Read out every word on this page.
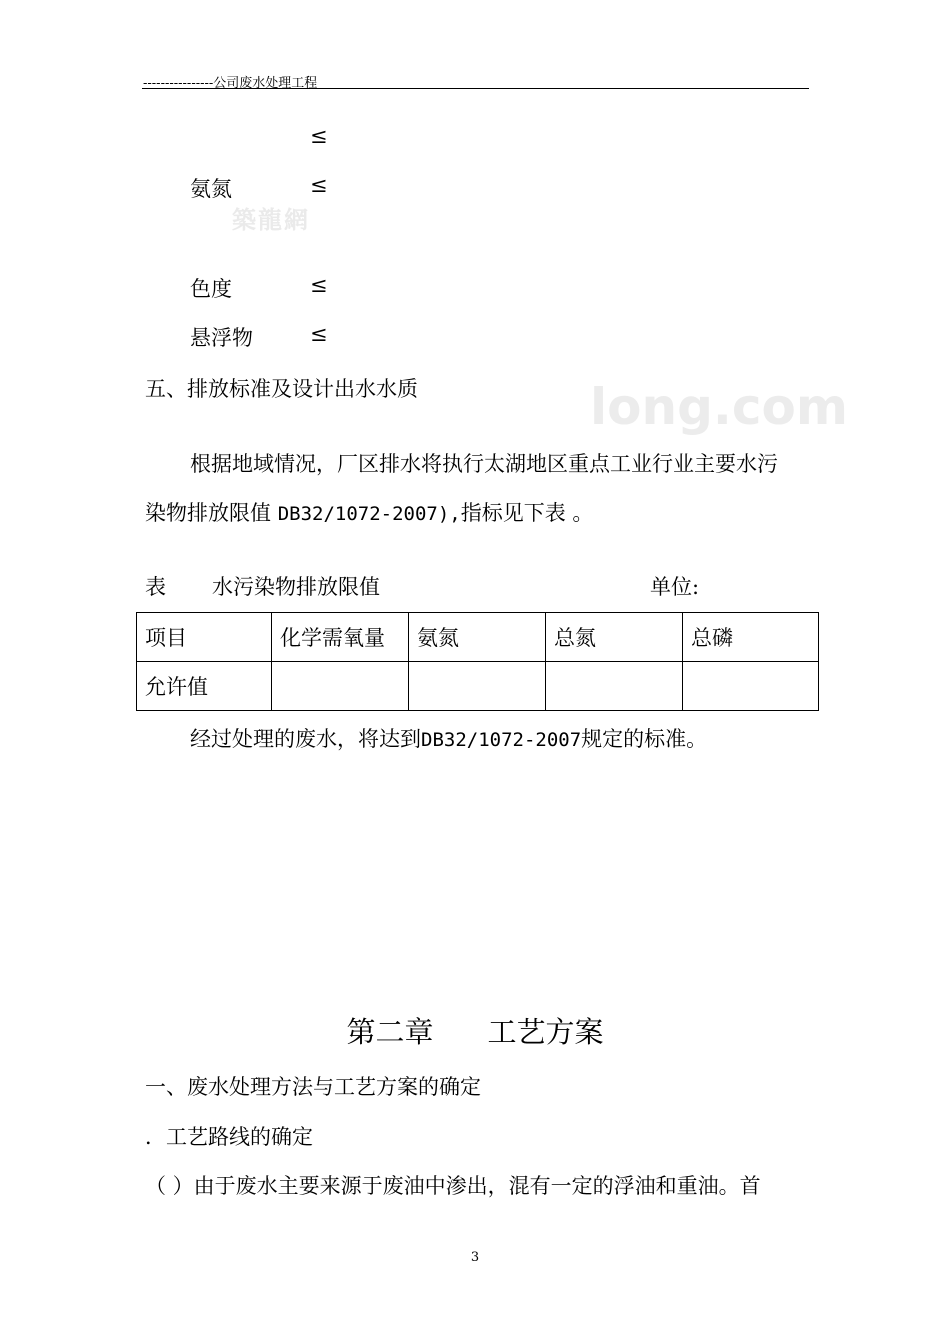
----------------公司废水处理工程
築龍網
long.com
≤
氨氮	≤
色度	≤
悬浮物	≤
五、排放标准及设计出水水质
根据地域情况，厂区排水将执行太湖地区重点工业行业主要水污
染物排放限值 DB32/1072-2007),指标见下表 。
表 水污染物排放限值	单位:
项目	化学需氧量	氨氮	总氮	总磷
允许值				
经过处理的废水，将达到DB32/1072-2007规定的标准。
第二章 工艺方案
一、废水处理方法与工艺方案的确定
．工艺路线的确定
（ ）由于废水主要来源于废油中渗出，混有一定的浮油和重油。首
3
